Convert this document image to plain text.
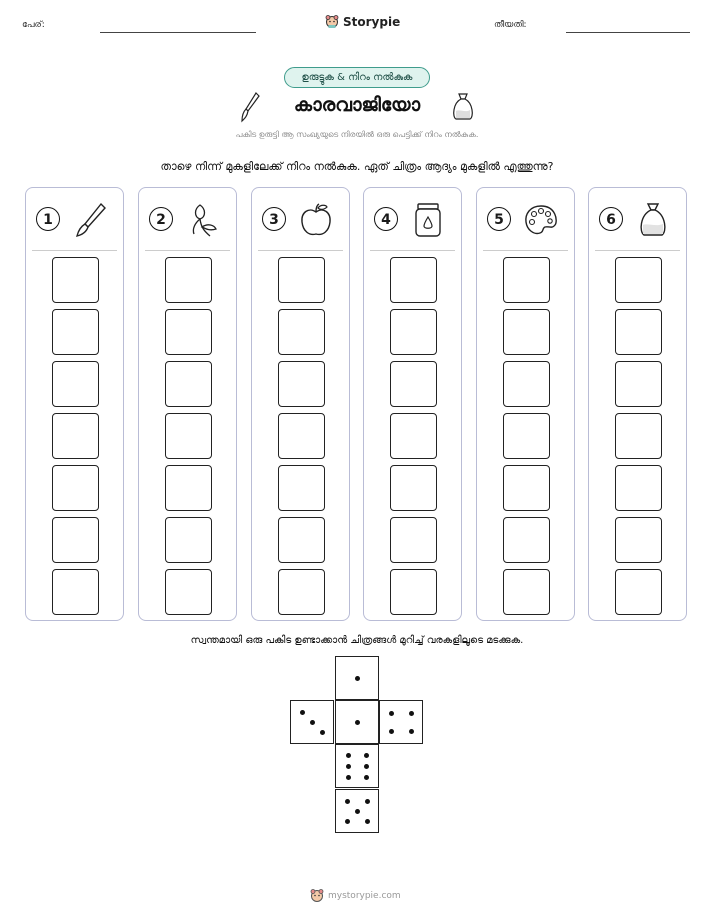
പേര്:	Storypie	തീയതി:
ഉരുട്ടുക & നിറം നൽകുക
കാരവാജിയോ
പകിട ഉരുട്ടി ആ സംഖ്യയുടെ നിരയിൽ ഒരു പെട്ടിക്ക് നിറം നൽകുക.
താഴെ നിന്ന് മുകളിലേക്ക് നിറം നൽകുക. ഏത് ചിത്രം ആദ്യം മുകളിൽ എത്തുന്നു?
1	2	3	4	5	6
സ്വന്തമായി ഒരു പകിട ഉണ്ടാക്കാൻ ചിത്രങ്ങൾ മുറിച്ച് വരകളിലൂടെ മടക്കുക.
mystorypie.com
